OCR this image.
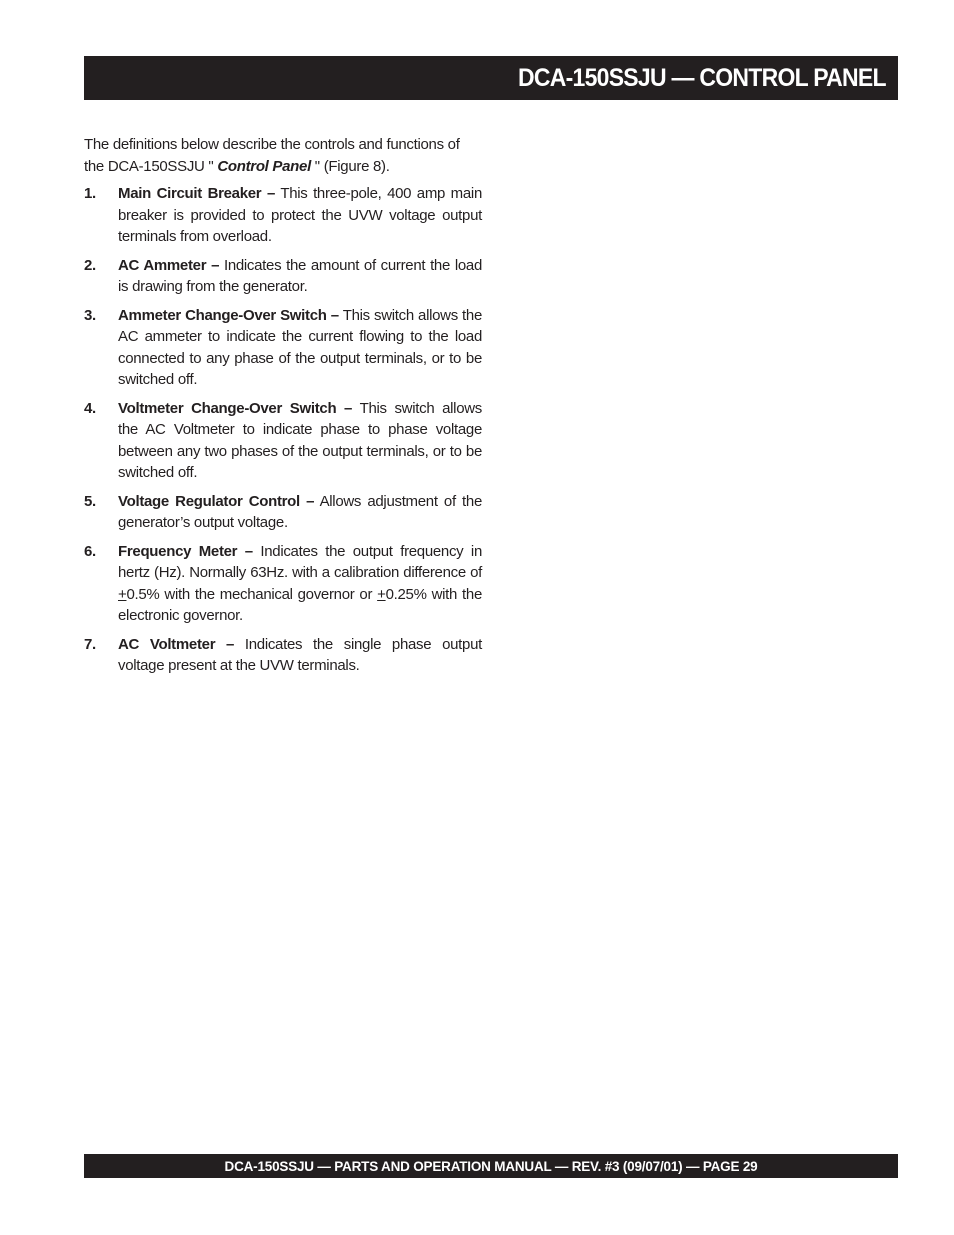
DCA-150SSJU — CONTROL PANEL

The definitions below describe the controls and functions of the DCA-150SSJU " Control Panel " (Figure 8).

1.	Main Circuit Breaker – This three-pole, 400 amp main breaker is provided to protect the UVW voltage output terminals from overload.
2.	AC Ammeter – Indicates the amount of current the load is drawing from the generator.
3.	Ammeter Change-Over Switch – This switch allows the AC ammeter to indicate the current flowing to the load connected to any phase of the output terminals, or to be switched off.
4.	Voltmeter Change-Over Switch – This switch allows the AC Voltmeter to indicate phase to phase voltage between any two phases of the output terminals, or to be switched off.
5.	Voltage Regulator Control – Allows adjustment of the generator’s output voltage.
6.	Frequency Meter – Indicates the output frequency in hertz (Hz). Normally 63Hz. with a calibration difference of +0.5% with the mechanical governor or +0.25% with the electronic governor.
7.	AC Voltmeter – Indicates the single phase output voltage present at the UVW terminals.
DCA-150SSJU — PARTS AND OPERATION MANUAL — REV. #3 (09/07/01) — PAGE 29
